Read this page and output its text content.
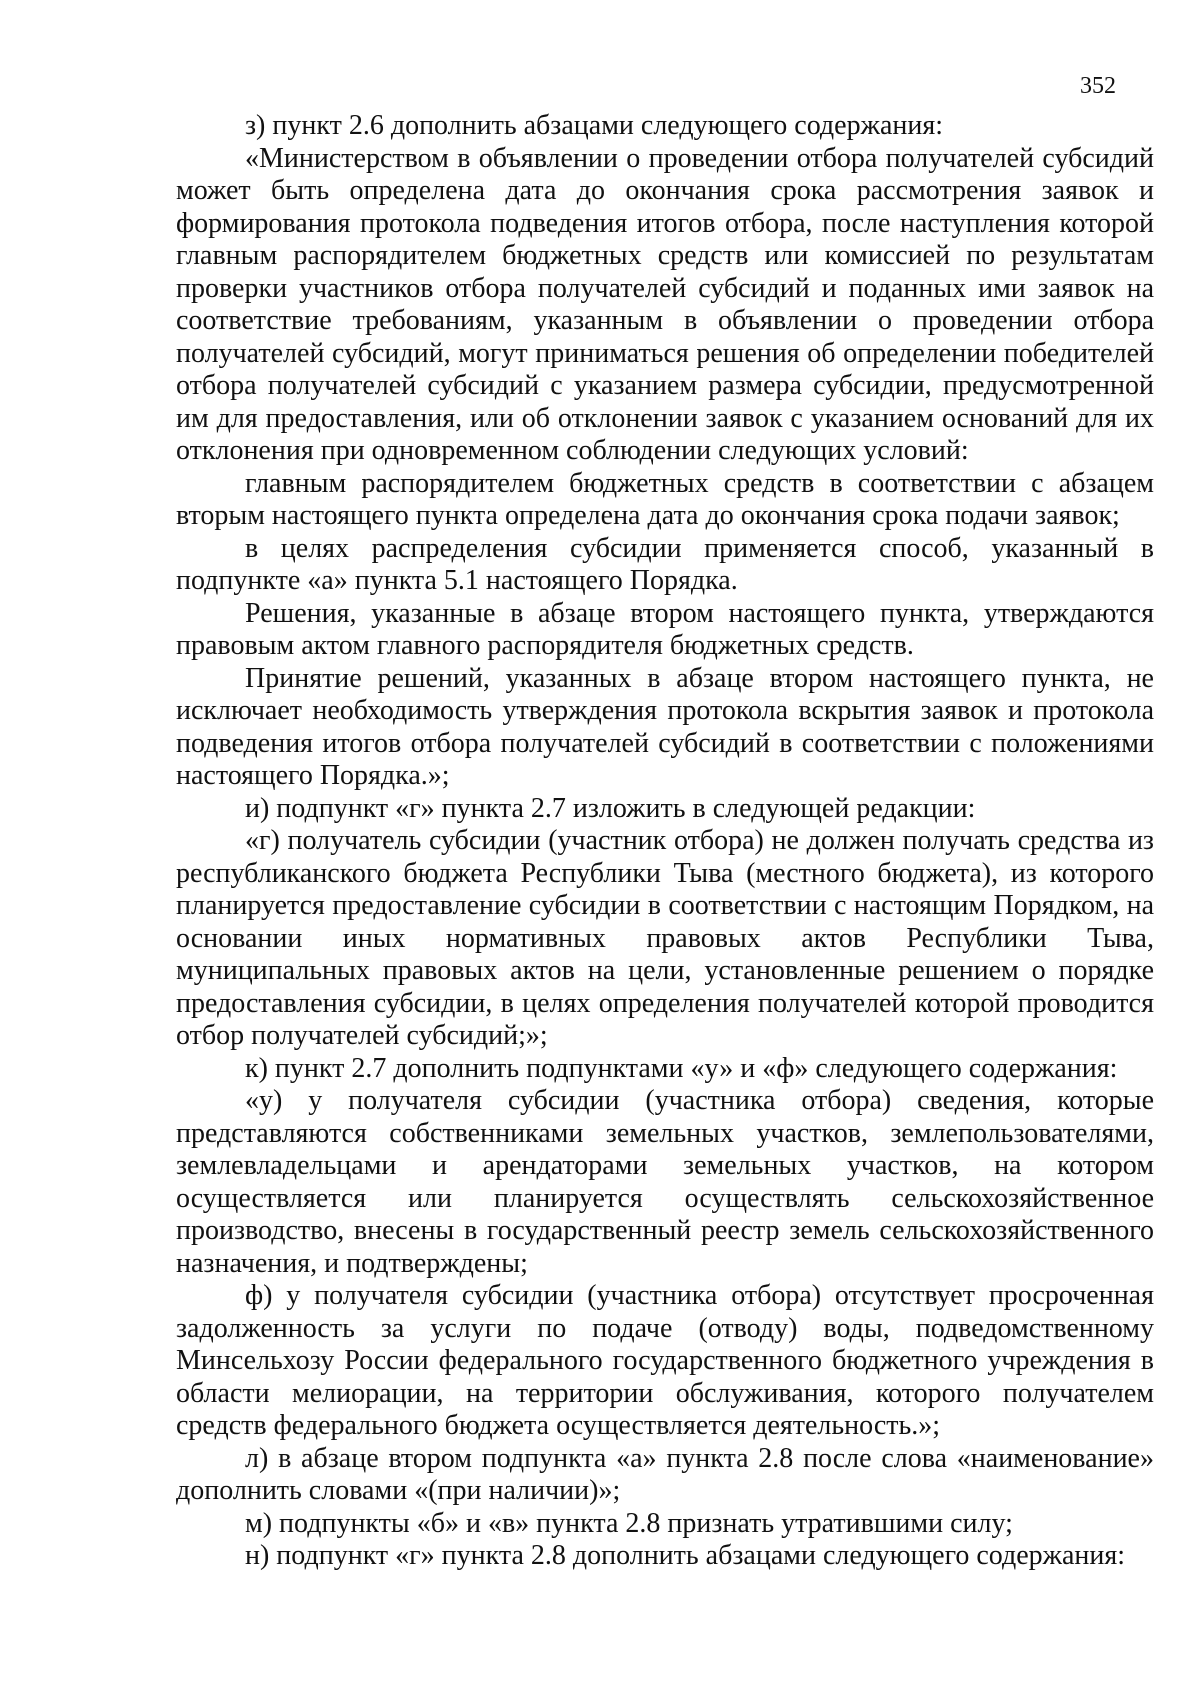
352

з) пункт 2.6 дополнить абзацами следующего содержания:

«Министерством в объявлении о проведении отбора получателей субсидий может быть определена дата до окончания срока рассмотрения заявок и формирования протокола подведения итогов отбора, после наступления которой главным распорядителем бюджетных средств или комиссией по результатам проверки участников отбора получателей субсидий и поданных ими заявок на соответствие требованиям, указанным в объявлении о проведении отбора получателей субсидий, могут приниматься решения об определении победителей отбора получателей субсидий с указанием размера субсидии, предусмотренной им для предоставления, или об отклонении заявок с указанием оснований для их отклонения при одновременном соблюдении следующих условий:

главным распорядителем бюджетных средств в соответствии с абзацем вторым настоящего пункта определена дата до окончания срока подачи заявок;

в целях распределения субсидии применяется способ, указанный в подпункте «а» пункта 5.1 настоящего Порядка.

Решения, указанные в абзаце втором настоящего пункта, утверждаются правовым актом главного распорядителя бюджетных средств.

Принятие решений, указанных в абзаце втором настоящего пункта, не исключает необходимость утверждения протокола вскрытия заявок и протокола подведения итогов отбора получателей субсидий в соответствии с положениями настоящего Порядка.»;

и) подпункт «г» пункта 2.7 изложить в следующей редакции:

«г) получатель субсидии (участник отбора) не должен получать средства из республиканского бюджета Республики Тыва (местного бюджета), из которого планируется предоставление субсидии в соответствии с настоящим Порядком, на основании иных нормативных правовых актов Республики Тыва, муниципальных правовых актов на цели, установленные решением о порядке предоставления субсидии, в целях определения получателей которой проводится отбор получателей субсидий;»;

к) пункт 2.7 дополнить подпунктами «у» и «ф» следующего содержания:

«у) у получателя субсидии (участника отбора) сведения, которые представляются собственниками земельных участков, землепользователями, землевладельцами и арендаторами земельных участков, на котором осуществляется или планируется осуществлять сельскохозяйственное производство, внесены в государственный реестр земель сельскохозяйственного назначения, и подтверждены;

ф) у получателя субсидии (участника отбора) отсутствует просроченная задолженность за услуги по подаче (отводу) воды, подведомственному Минсельхозу России федерального государственного бюджетного учреждения в области мелиорации, на территории обслуживания, которого получателем средств федерального бюджета осуществляется деятельность.»;

л) в абзаце втором подпункта «а» пункта 2.8 после слова «наименование» дополнить словами «(при наличии)»;

м) подпункты «б» и «в» пункта 2.8 признать утратившими силу;

н) подпункт «г» пункта 2.8 дополнить абзацами следующего содержания:
